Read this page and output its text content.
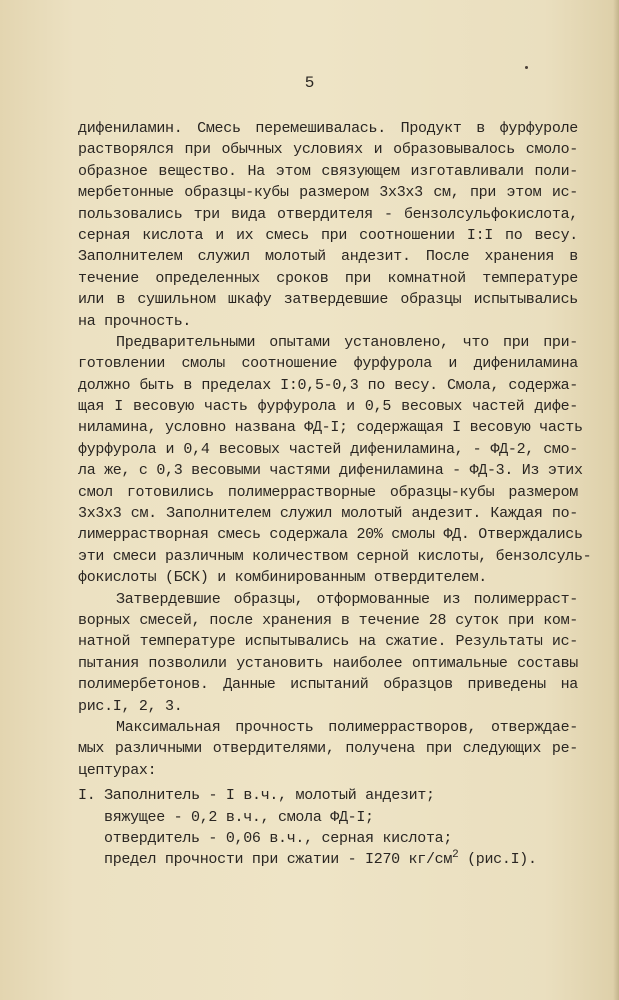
5
дифениламин. Смесь перемешивалась. Продукт в фурфуроле
растворялся при обычных условиях и образовывалось смоло-
образное вещество. На этом связующем изготавливали поли-
мербетонные образцы-кубы размером 3х3х3 см, при этом ис-
пользовались три вида отвердителя - бензолсульфокислота,
серная кислота и их смесь при соотношении I:I по весу.
Заполнителем служил молотый андезит. После хранения в
течение определенных сроков при комнатной температуре
или в сушильном шкафу затвердевшие образцы испытывались
на прочность.
Предварительными опытами установлено, что при при-
готовлении смолы соотношение фурфурола и дифениламина
должно быть в пределах I:0,5-0,3 по весу. Смола, содержа-
щая I весовую часть фурфурола и 0,5 весовых частей дифе-
ниламина, условно названа ФД-I; содержащая I весовую часть
фурфурола и 0,4 весовых частей дифениламина, - ФД-2, смо-
ла же, с 0,3 весовыми частями дифениламина - ФД-3. Из этих
смол готовились полимеррастворные образцы-кубы размером
3х3х3 см. Заполнителем служил молотый андезит. Каждая по-
лимеррастворная смесь содержала 20% смолы ФД. Отверждались
эти смеси различным количеством серной кислоты, бензолсуль-
фокислоты (БСК) и комбинированным отвердителем.
Затвердевшие образцы, отформованные из полимерраст-
ворных смесей, после хранения в течение 28 суток при ком-
натной температуре испытывались на сжатие. Результаты ис-
пытания позволили установить наиболее оптимальные составы
полимербетонов. Данные испытаний образцов приведены на
рис.I, 2, 3.
Максимальная прочность полимеррастворов, отверждае-
мых различными отвердителями, получена при следующих ре-
цептурах:
I. Заполнитель - I в.ч., молотый андезит;
вяжущее - 0,2 в.ч., смола ФД-I;
отвердитель - 0,06 в.ч., серная кислота;
предел прочности при сжатии - I270 $кг/см^2$ (рис.I).
